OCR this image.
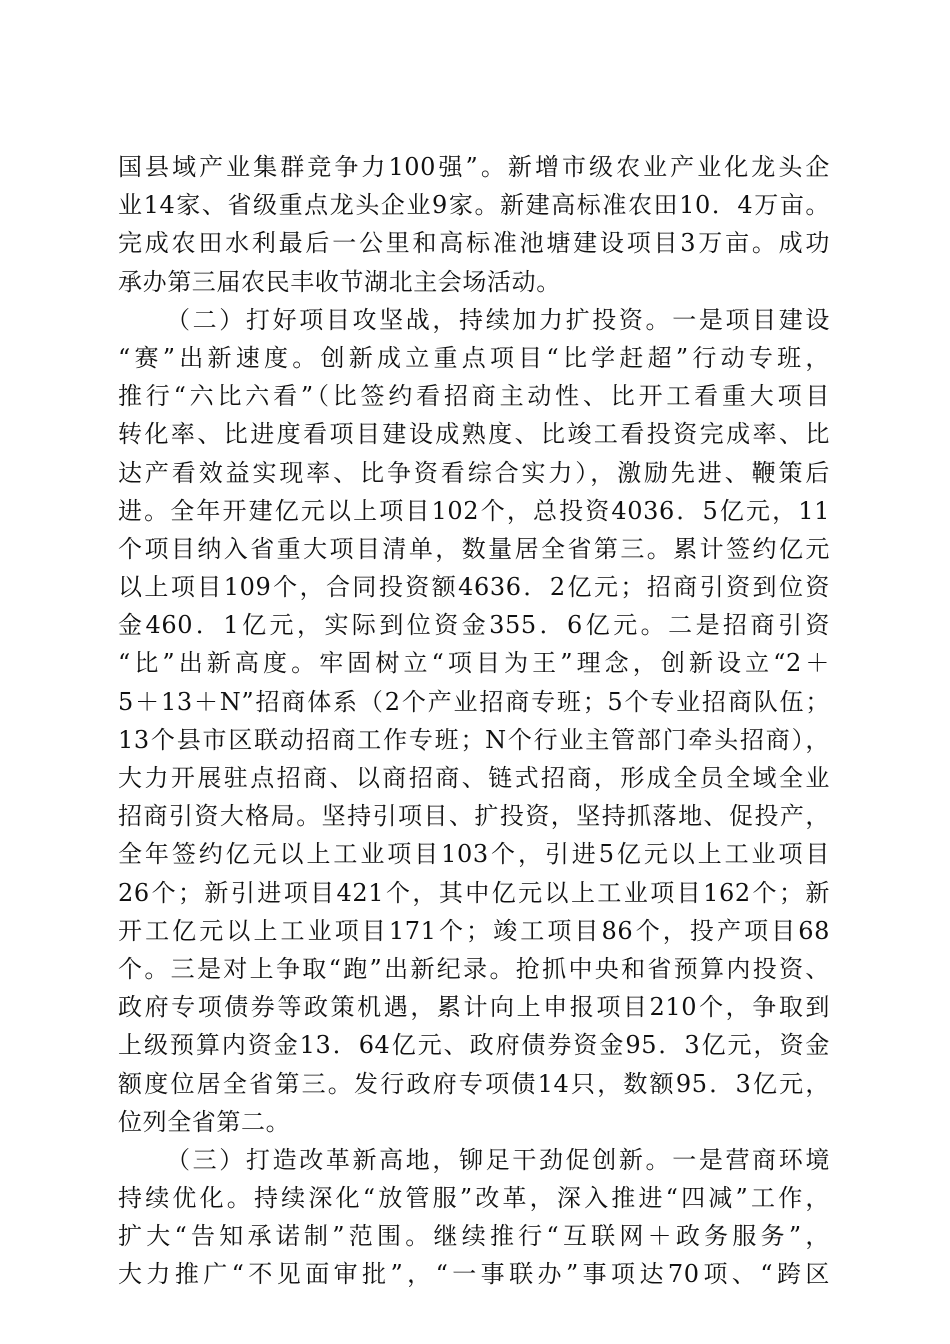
国县域产业集群竞争力100强”。新增市级农业产业化龙头企
业14家、省级重点龙头企业9家。新建高标准农田10．4万亩。
完成农田水利最后一公里和高标准池塘建设项目3万亩。成功
承办第三届农民丰收节湖北主会场活动。
（二）打好项目攻坚战，持续加力扩投资。一是项目建设
“赛”出新速度。创新成立重点项目“比学赶超”行动专班，
推行“六比六看”（比签约看招商主动性、比开工看重大项目
转化率、比进度看项目建设成熟度、比竣工看投资完成率、比
达产看效益实现率、比争资看综合实力），激励先进、鞭策后
进。全年开建亿元以上项目102个，总投资4036．5亿元，11
个项目纳入省重大项目清单，数量居全省第三。累计签约亿元
以上项目109个，合同投资额4636．2亿元；招商引资到位资
金460．1亿元，实际到位资金355．6亿元。二是招商引资
“比”出新高度。牢固树立“项目为王”理念，创新设立“2＋
5＋13＋N”招商体系（2个产业招商专班；5个专业招商队伍；
13个县市区联动招商工作专班；N个行业主管部门牵头招商），
大力开展驻点招商、以商招商、链式招商，形成全员全域全业
招商引资大格局。坚持引项目、扩投资，坚持抓落地、促投产，
全年签约亿元以上工业项目103个，引进5亿元以上工业项目
26个；新引进项目421个，其中亿元以上工业项目162个；新
开工亿元以上工业项目171个；竣工项目86个，投产项目68
个。三是对上争取“跑”出新纪录。抢抓中央和省预算内投资、
政府专项债券等政策机遇，累计向上申报项目210个，争取到
上级预算内资金13．64亿元、政府债券资金95．3亿元，资金
额度位居全省第三。发行政府专项债14只，数额95．3亿元，
位列全省第二。
（三）打造改革新高地，铆足干劲促创新。一是营商环境
持续优化。持续深化“放管服”改革，深入推进“四减”工作，
扩大“告知承诺制”范围。继续推行“互联网＋政务服务”，
大力推广“不见面审批”，“一事联办”事项达70项、“跨区
